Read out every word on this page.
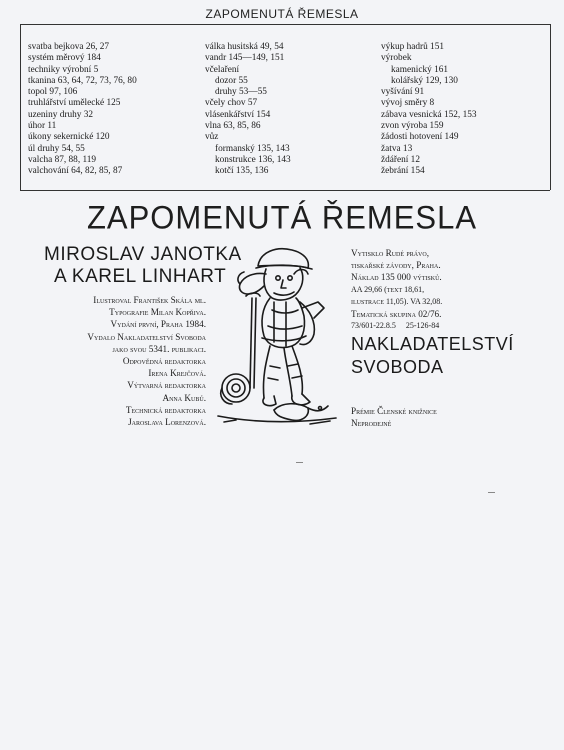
ZAPOMENUTÁ ŘEMESLA
svatba bejkova 26, 27
systém měrový 184
techniky výrobní 5
tkanina 63, 64, 72, 73, 76, 80
topol 97, 106
truhlářství umělecké 125
uzeniny druhy 32
úhor 11
úkony sekernické 120
úl druhy 54, 55
valcha 87, 88, 119
valchování 64, 82, 85, 87
válka husitská 49, 54
vandr 145—149, 151
včelaření
dozor 55
druhy 53—55
včely chov 57
vlásenkářství 154
vlna 63, 85, 86
vůz
formanský 135, 143
konstrukce 136, 143
kotčí 135, 136
výkup hadrů 151
výrobek
kamenický 161
kolářský 129, 130
vyšívání 91
vývoj směry 8
zábava vesnická 152, 153
zvon výroba 159
žádosti hotovení 149
žatva 13
ždáření 12
žebrání 154
ZAPOMENUTÁ ŘEMESLA
MIROSLAV JANOTKA
A KAREL LINHART
Ilustroval František Skála ml.
Typografie Milan Kopřiva.
Vydání první, Praha 1984.
Vydalo Nakladatelství Svoboda
jako svou 5341. publikaci.
Odpovědná redaktorka
Irena Krejčová.
Výtvarná redaktorka
Anna Kubů.
Technická redaktorka
Jaroslava Lorenzová.
Vytisklo Rudé právo,
tiskařské závody, Praha.
Náklad 135 000 výtisků.
AA 29,66 (text 18,61,
ilustrace 11,05). VA 32,08.
Tematická skupina 02/76.
73/601-22.8.5     25-126-84
NAKLADATELSTVÍ
SVOBODA
Prémie Členské knižnice
Neprodejné
